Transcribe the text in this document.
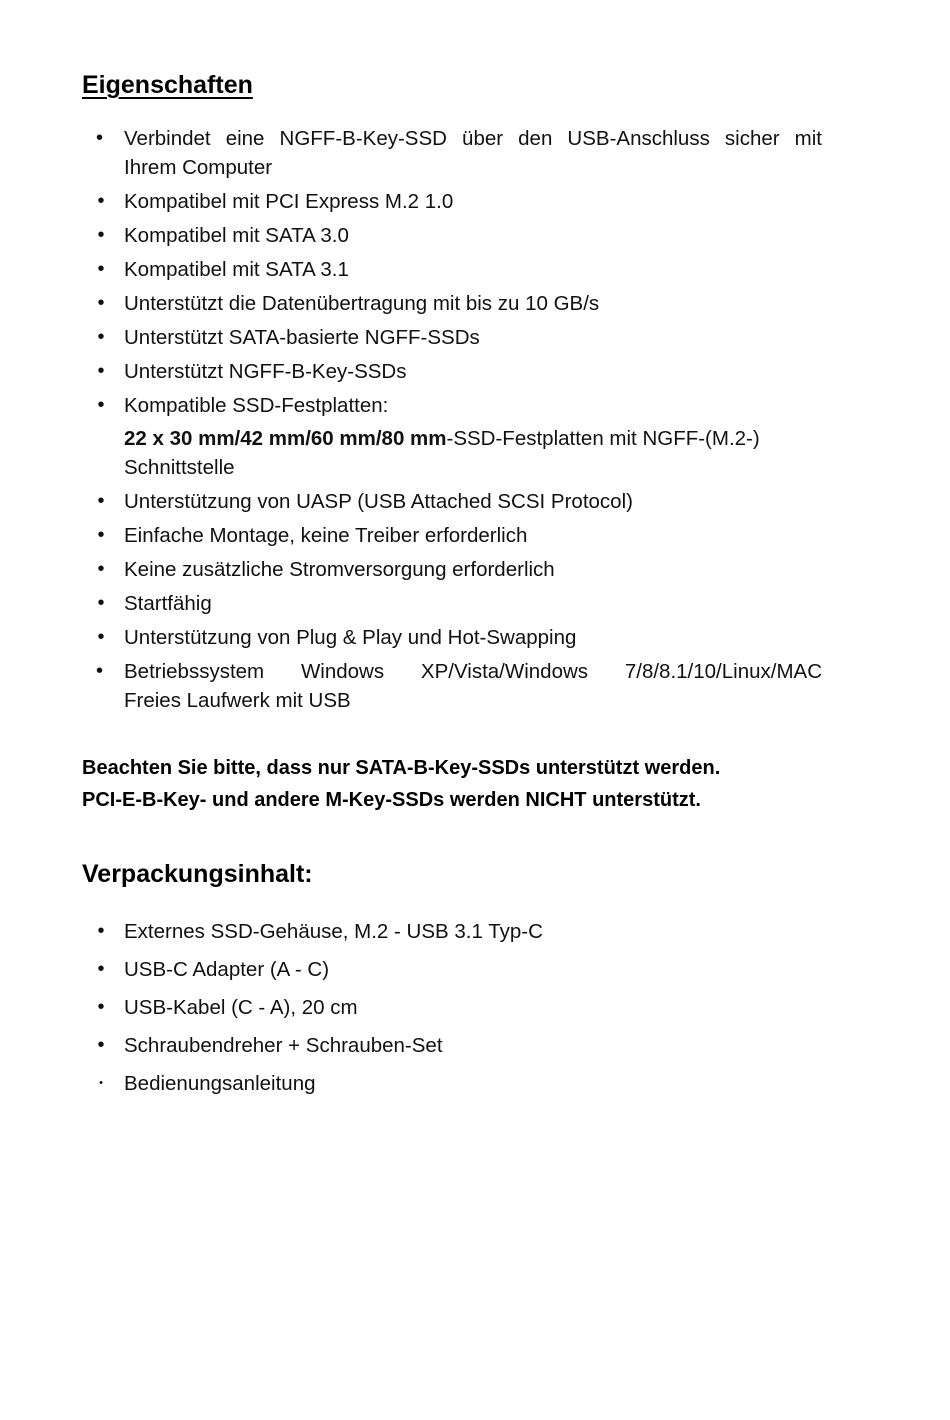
Eigenschaften
• Verbindet eine NGFF-B-Key-SSD über den USB-Anschluss sicher mit
Ihrem Computer
• Kompatibel mit PCI Express M.2 1.0
• Kompatibel mit SATA 3.0
• Kompatibel mit SATA 3.1
• Unterstützt die Datenübertragung mit bis zu 10 GB/s
• Unterstützt SATA-basierte NGFF-SSDs
• Unterstützt NGFF-B-Key-SSDs
• Kompatible SSD-Festplatten:
22 x 30 mm/42 mm/60 mm/80 mm-SSD-Festplatten mit NGFF-(M.2-)
Schnittstelle
• Unterstützung von UASP (USB Attached SCSI Protocol)
• Einfache Montage, keine Treiber erforderlich
• Keine zusätzliche Stromversorgung erforderlich
• Startfähig
• Unterstützung von Plug & Play und Hot-Swapping
• Betriebssystem Windows XP/Vista/Windows 7/8/8.1/10/Linux/MAC
Freies Laufwerk mit USB
Beachten Sie bitte, dass nur SATA-B-Key-SSDs unterstützt werden.
PCI-E-B-Key- und andere M-Key-SSDs werden NICHT unterstützt.
Verpackungsinhalt:
• Externes SSD-Gehäuse, M.2 - USB 3.1 Typ-C
• USB-C Adapter (A - C)
• USB-Kabel (C - A), 20 cm
• Schraubendreher + Schrauben-Set
• Bedienungsanleitung
